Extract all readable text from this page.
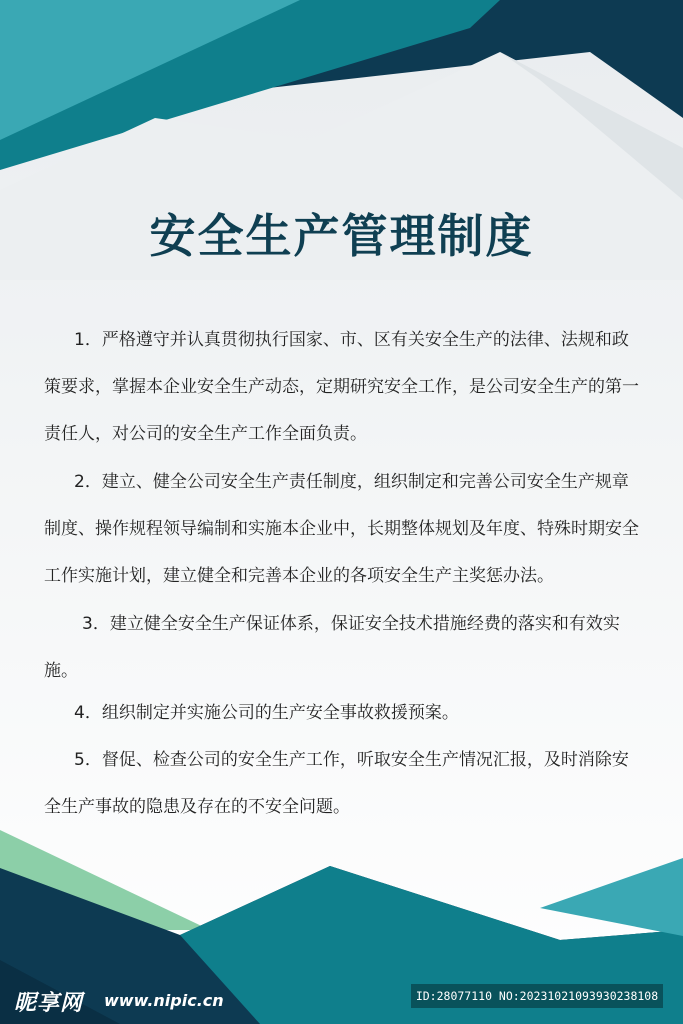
安全生产管理制度

1．严格遵守并认真贯彻执行国家、市、区有关安全生产的法律、法规和政策要求，掌握本企业安全生产动态，定期研究安全工作，是公司安全生产的第一责任人，对公司的安全生产工作全面负责。

2．建立、健全公司安全生产责任制度，组织制定和完善公司安全生产规章制度、操作规程领导编制和实施本企业中，长期整体规划及年度、特殊时期安全工作实施计划，建立健全和完善本企业的各项安全生产主奖惩办法。

3．建立健全安全生产保证体系，保证安全技术措施经费的落实和有效实施。

4．组织制定并实施公司的生产安全事故救援预案。

5．督促、检查公司的安全生产工作，听取安全生产情况汇报，及时消除安全生产事故的隐患及存在的不安全问题。

昵享网 www.nipic.cn	ID:28077110 NO:20231021093930238108
